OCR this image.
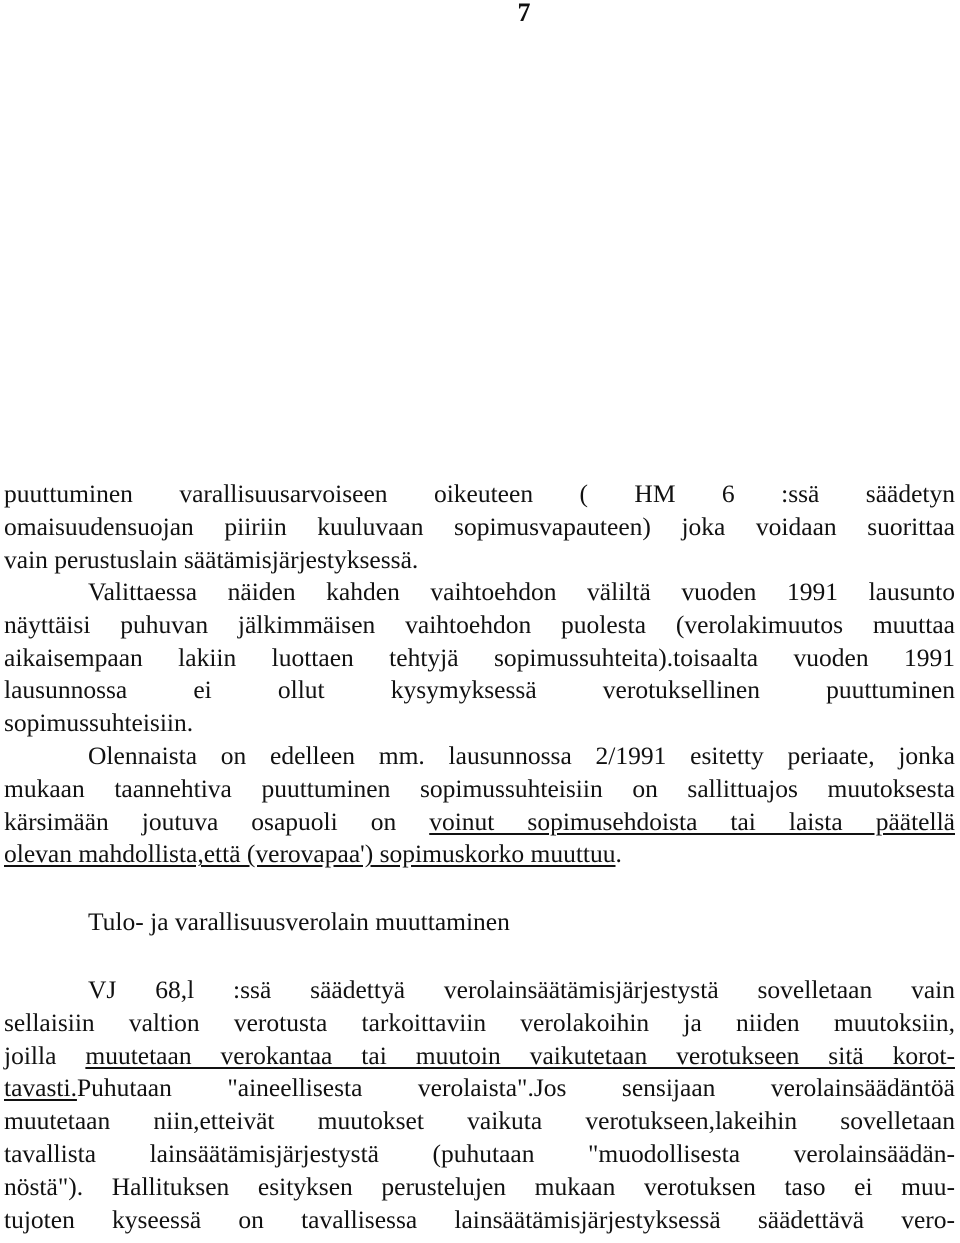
7

puuttuminen varallisuusarvoiseen oikeuteen ( HM 6 :ssä säädetyn
omaisuudensuojan piiriin kuuluvaan sopimusvapauteen) joka voidaan suorittaa
vain perustuslain säätämisjärjestyksessä.

Valittaessa näiden kahden vaihtoehdon väliltä vuoden 1991 lausunto
näyttäisi puhuvan jälkimmäisen vaihtoehdon puolesta (verolakimuutos muuttaa
aikaisempaan lakiin luottaen tehtyjä sopimussuhteita).toisaalta vuoden 1991
lausunnossa ei ollut kysymyksessä verotuksellinen puuttuminen
sopimussuhteisiin.

Olennaista on edelleen mm. lausunnossa 2/1991 esitetty periaate, jonka
mukaan taannehtiva puuttuminen sopimussuhteisiin on sallittuajos muutoksesta
kärsimään joutuva osapuoli on voinut sopimusehdoista tai laista päätellä
olevan mahdollista,että (verovapaa') sopimuskorko muuttuu.

Tulo- ja varallisuusverolain muuttaminen

VJ 68,l :ssä säädettyä verolainsäätämisjärjestystä sovelletaan vain
sellaisiin valtion verotusta tarkoittaviin verolakoihin ja niiden muutoksiin,
joilla muutetaan verokantaa tai muutoin vaikutetaan verotukseen sitä korot-
tavasti.Puhutaan "aineellisesta verolaista".Jos sensijaan verolainsäädäntöä
muutetaan niin,etteivät muutokset vaikuta verotukseen,lakeihin sovelletaan
tavallista lainsäätämisjärjestystä (puhutaan "muodollisesta verolainsäädän-
nöstä"). Hallituksen esityksen perustelujen mukaan verotuksen taso ei muu-
tujoten kyseessä on tavallisessa lainsäätämisjärjestyksessä säädettävä vero-
